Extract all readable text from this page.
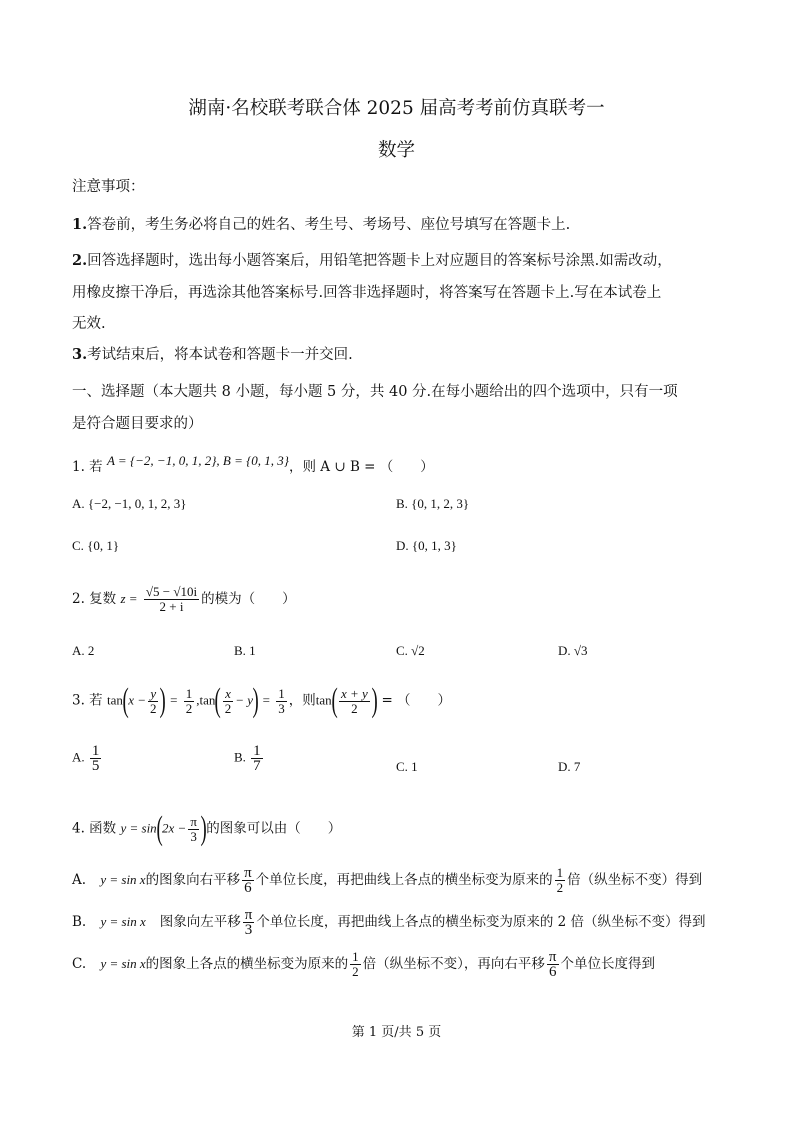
湖南·名校联考联合体 2025 届高考考前仿真联考一
数学
注意事项：
1.答卷前，考生务必将自己的姓名、考生号、考场号、座位号填写在答题卡上.
2.回答选择题时，选出每小题答案后，用铅笔把答题卡上对应题目的答案标号涂黑.如需改动，
用橡皮擦干净后，再选涂其他答案标号.回答非选择题时，将答案写在答题卡上.写在本试卷上
无效.
3.考试结束后，将本试卷和答题卡一并交回.
一、选择题（本大题共 8 小题，每小题 5 分，共 40 分.在每小题给出的四个选项中，只有一项
是符合题目要求的）
1. 若 A = {−2, −1, 0, 1, 2}, B = {0, 1, 3}，则 A ∪ B = （　　）
A. {−2, −1, 0, 1, 2, 3}	B. {0, 1, 2, 3}
C. {0, 1}	D. {0, 1, 3}
2. 复数 $z = \frac{√5 - √10i}{2 + i}$ 的模为（　　）
A. 2	B. 1	C. √2	D. √3
3. 若 $\tan(x - \frac{y}{2}$ ) = $\frac{1}{2} ,\tan( \frac{x}{2} - y) = \frac{1}{3}$ ，则$\tan( \frac{x + y}{2}$ ) = （　　）
A. $\frac{1}{5}$	B. $\frac{1}{7}$	C. 1	D. 7
4. 函数 $y = \sin(2x - \frac{\pi}{3}$ )的图象可以由（　　）
A. y = sin x的图象向右平移 $\frac{\pi}{6}$ 个单位长度，再把曲线上各点的横坐标变为原来的 $\frac{1}{2}$ 倍（纵坐标不变）得到
B. y = sin x 图象向左平移 $\frac{\pi}{3}$ 个单位长度，再把曲线上各点的横坐标变为原来的 2 倍（纵坐标不变）得到
C. y = sin x的图象上各点的横坐标变为原来的 $\frac{1}{2}$ 倍（纵坐标不变），再向右平移 $\frac{\pi}{6}$ 个单位长度得到
第 1 页/共 5 页
